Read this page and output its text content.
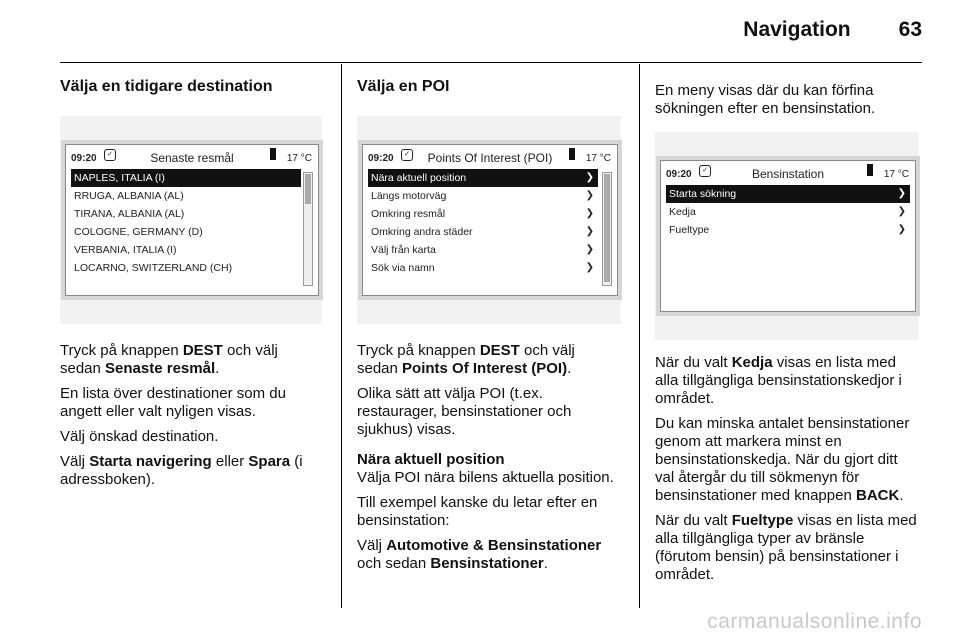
Navigation 63
Välja en tidigare destination
09:20	✓	Senaste resmål	17 °C
NAPLES, ITALIA (I)
RRUGA, ALBANIA (AL)
TIRANA, ALBANIA (AL)
COLOGNE, GERMANY (D)
VERBANIA, ITALIA (I)
LOCARNO, SWITZERLAND (CH)

Tryck på knappen DEST och välj sedan Senaste resmål.

En lista över destinationer som du angett eller valt nyligen visas.

Välj önskad destination.

Välj Starta navigering eller Spara (i adressboken).

Välja en POI
09:20	✓	Points Of Interest (POI)	17 °C
Nära aktuell position	❯
Längs motorväg	❯
Omkring resmål	❯
Omkring andra städer	❯
Välj från karta	❯
Sök via namn	❯

Tryck på knappen DEST och välj sedan Points Of Interest (POI).

Olika sätt att välja POI (t.ex. restaurager, bensinstationer och sjukhus) visas.

Nära aktuell position

Välja POI nära bilens aktuella position.

Till exempel kanske du letar efter en bensinstation:

Välj Automotive & Bensinstationer och sedan Bensinstationer.

En meny visas där du kan förfina sökningen efter en bensinstation.

09:20	✓	Bensinstation	17 °C
Starta sökning	❯
Kedja	❯
Fueltype	❯

När du valt Kedja visas en lista med alla tillgängliga bensinstationskedjor i området.

Du kan minska antalet bensinstationer genom att markera minst en bensinstationskedja. När du gjort ditt val återgår du till sökmenyn för bensinstationer med knappen BACK.

När du valt Fueltype visas en lista med alla tillgängliga typer av bränsle (förutom bensin) på bensinstationer i området.

carmanualsonline.info
